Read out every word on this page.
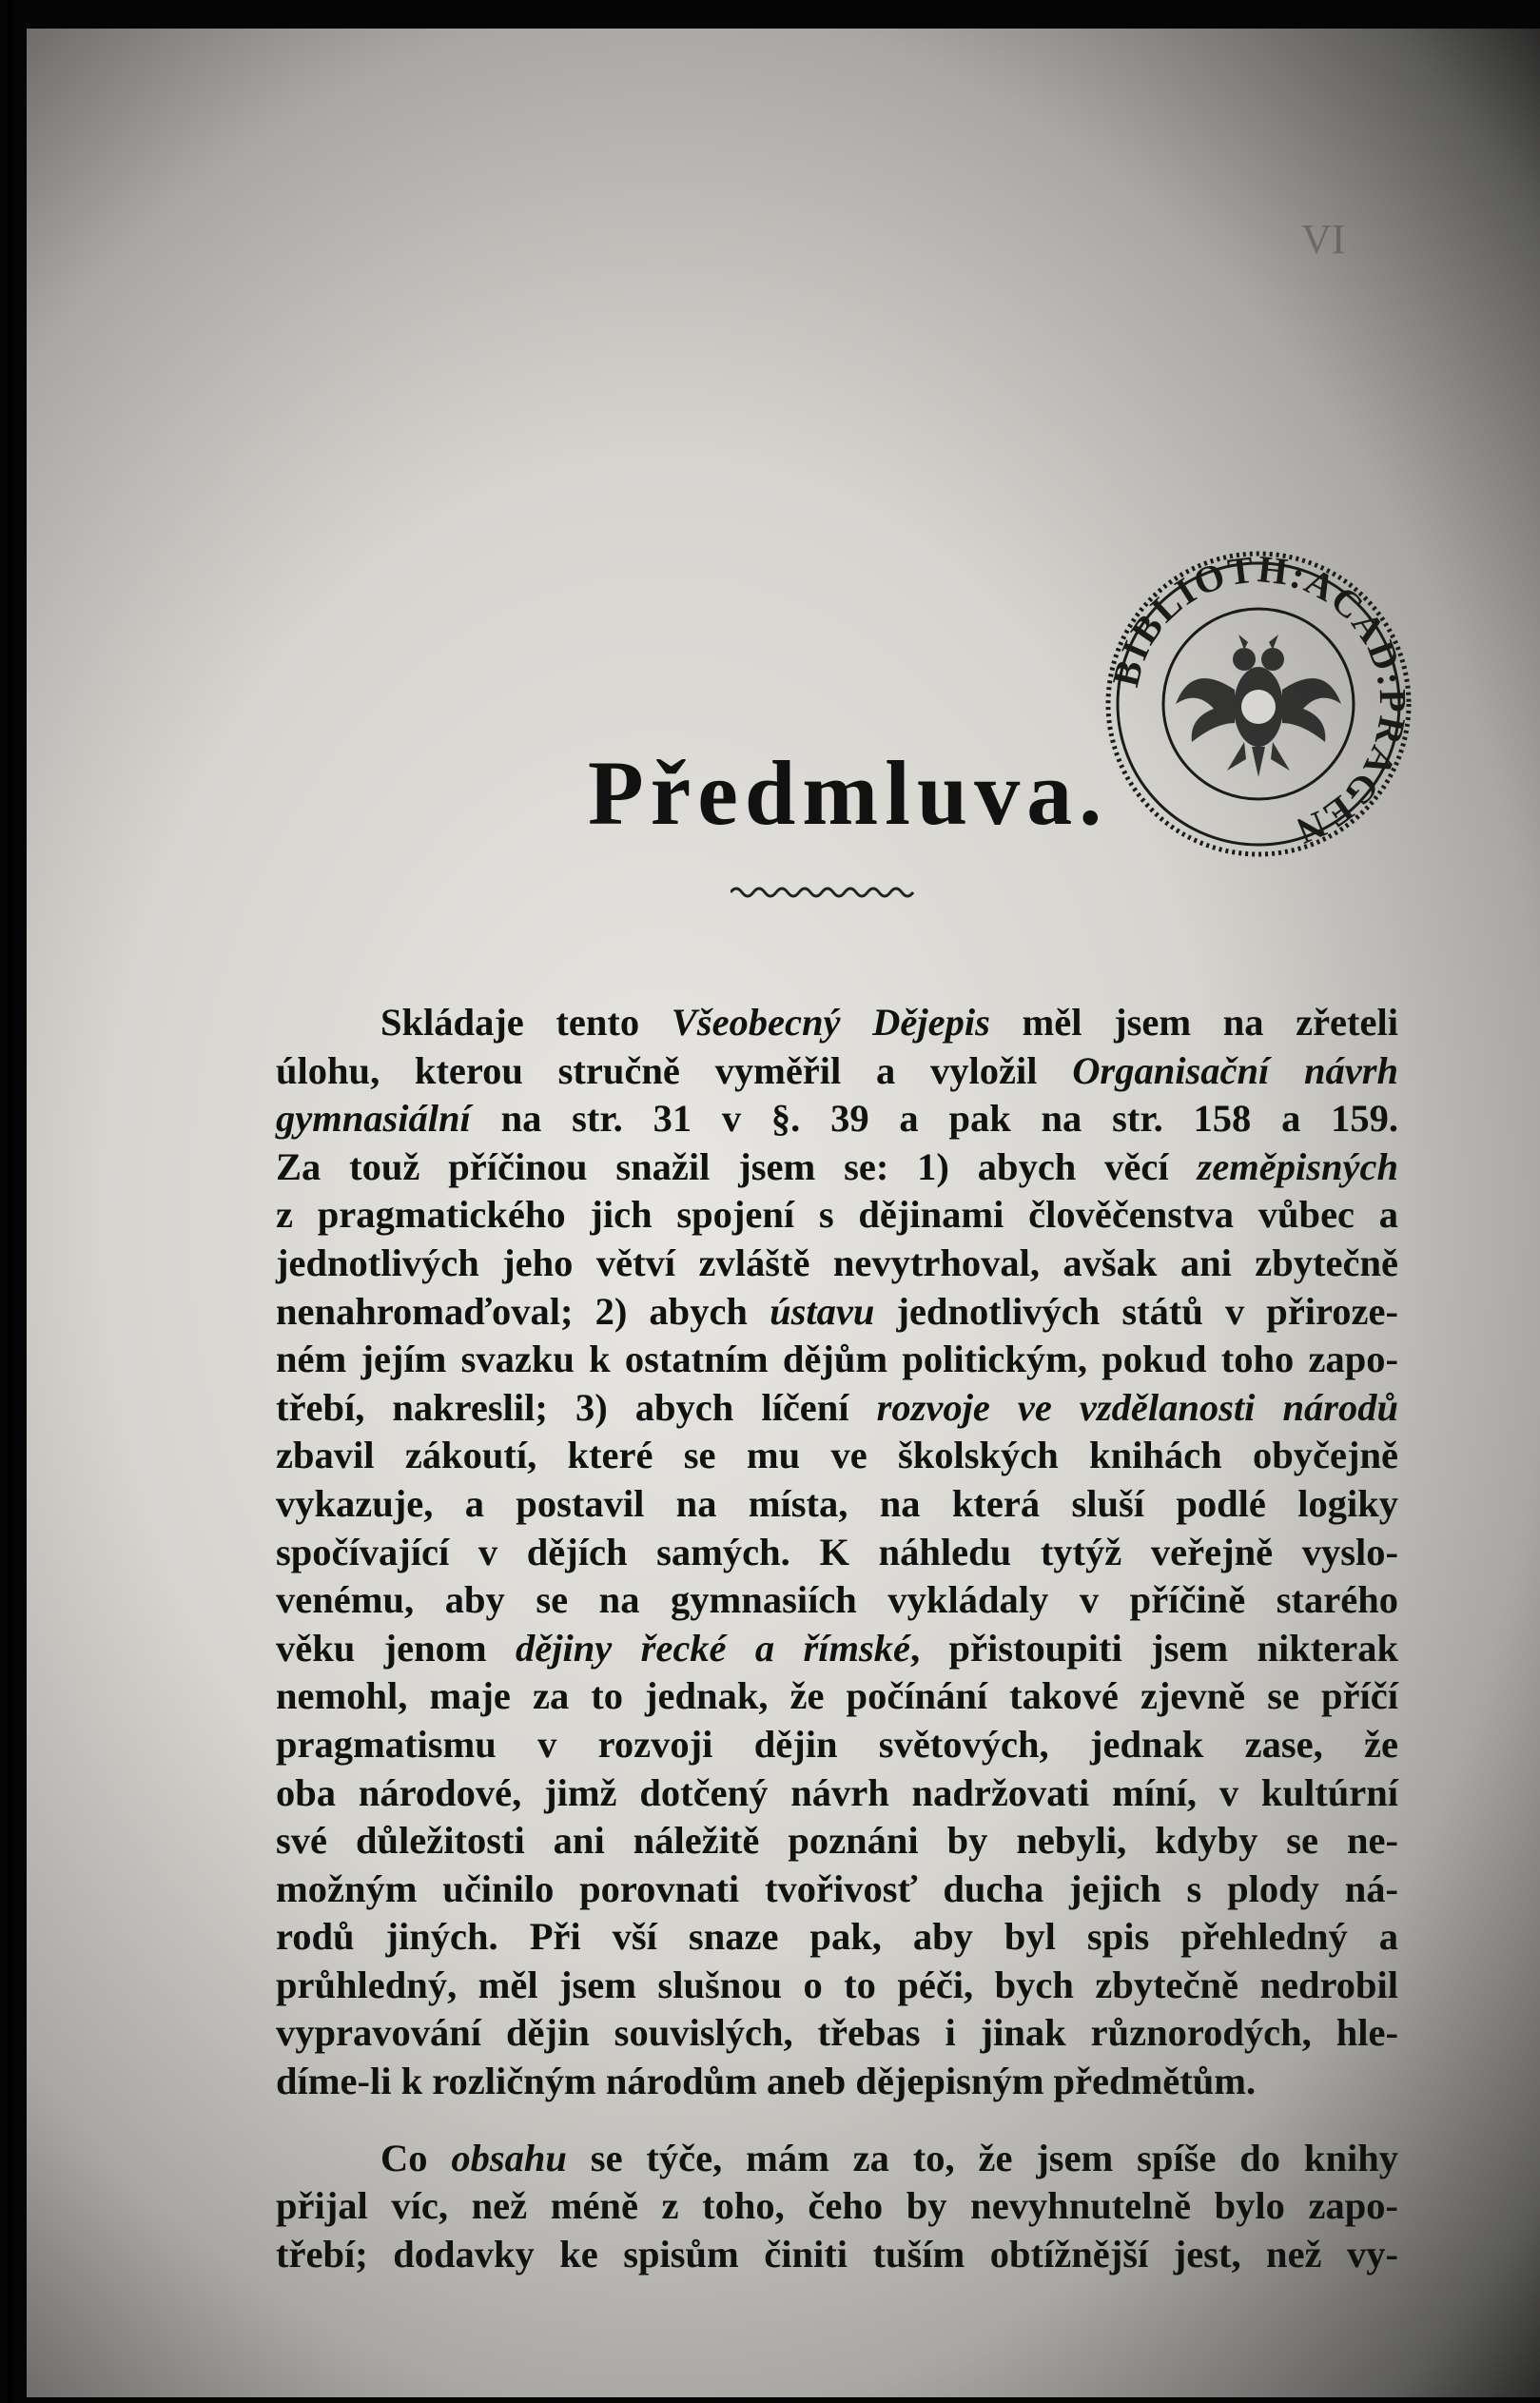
VI
BIBLIOTH:ACAD:PRAGEN
Předmluva.

Skládaje tento Všeobecný Dějepis měl jsem na zřeteli

úlohu, kterou stručně vyměřil a vyložil Organisační návrh

gymnasiální na str. 31 v §. 39 a pak na str. 158 a 159.

Za touž příčinou snažil jsem se: 1) abych věcí zeměpisných

z pragmatického jich spojení s dějinami člověčenstva vůbec a

jednotlivých jeho větví zvláště nevytrhoval, avšak ani zbytečně

nenahromaďoval; 2) abych ústavu jednotlivých států v přiroze-

ném jejím svazku k ostatním dějům politickým, pokud toho zapo-

třebí, nakreslil; 3) abych líčení rozvoje ve vzdělanosti národů

zbavil zákoutí, které se mu ve školských knihách obyčejně

vykazuje, a postavil na místa, na která sluší podlé logiky

spočívající v dějích samých. K náhledu tytýž veřejně vyslo-

venému, aby se na gymnasiích vykládaly v příčině starého

věku jenom dějiny řecké a římské, přistoupiti jsem nikterak

nemohl, maje za to jednak, že počínání takové zjevně se příčí

pragmatismu v rozvoji dějin světových, jednak zase, že

oba národové, jimž dotčený návrh nadržovati míní, v kultúrní

své důležitosti ani náležitě poznáni by nebyli, kdyby se ne-

možným učinilo porovnati tvořivosť ducha jejich s plody ná-

rodů jiných. Při vší snaze pak, aby byl spis přehledný a

průhledný, měl jsem slušnou o to péči, bych zbytečně nedrobil

vypravování dějin souvislých, třebas i jinak různorodých, hle-

díme-li k rozličným národům aneb dějepisným předmětům.

Co obsahu se týče, mám za to, že jsem spíše do knihy

přijal víc, než méně z toho, čeho by nevyhnutelně bylo zapo-

třebí; dodavky ke spisům činiti tuším obtížnější jest, než vy-
